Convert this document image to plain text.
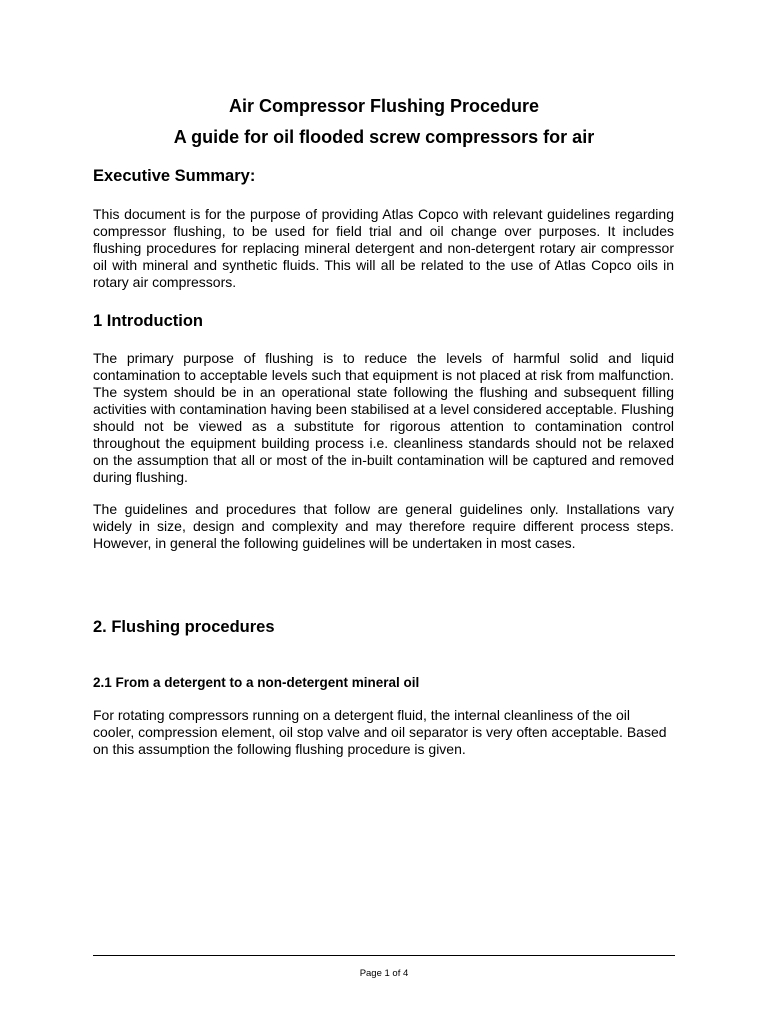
Air Compressor Flushing Procedure
A guide for oil flooded screw compressors for air
Executive Summary:

This document is for the purpose of providing Atlas Copco with relevant guidelines regarding compressor flushing, to be used for field trial and oil change over purposes. It includes flushing procedures for replacing mineral detergent and non-detergent rotary air compressor oil with mineral and synthetic fluids. This will all be related to the use of Atlas Copco oils in rotary air compressors.

1 Introduction

The primary purpose of flushing is to reduce the levels of harmful solid and liquid contamination to acceptable levels such that equipment is not placed at risk from malfunction. The system should be in an operational state following the flushing and subsequent filling activities with contamination having been stabilised at a level considered acceptable. Flushing should not be viewed as a substitute for rigorous attention to contamination control throughout the equipment building process i.e. cleanliness standards should not be relaxed on the assumption that all or most of the in-built contamination will be captured and removed during flushing.

The guidelines and procedures that follow are general guidelines only. Installations vary widely in size, design and complexity and may therefore require different process steps. However, in general the following guidelines will be undertaken in most cases.

2. Flushing procedures
2.1 From a detergent to a non-detergent mineral oil

For rotating compressors running on a detergent fluid, the internal cleanliness of the oil cooler, compression element, oil stop valve and oil separator is very often acceptable. Based on this assumption the following flushing procedure is given.

Page 1 of 4
